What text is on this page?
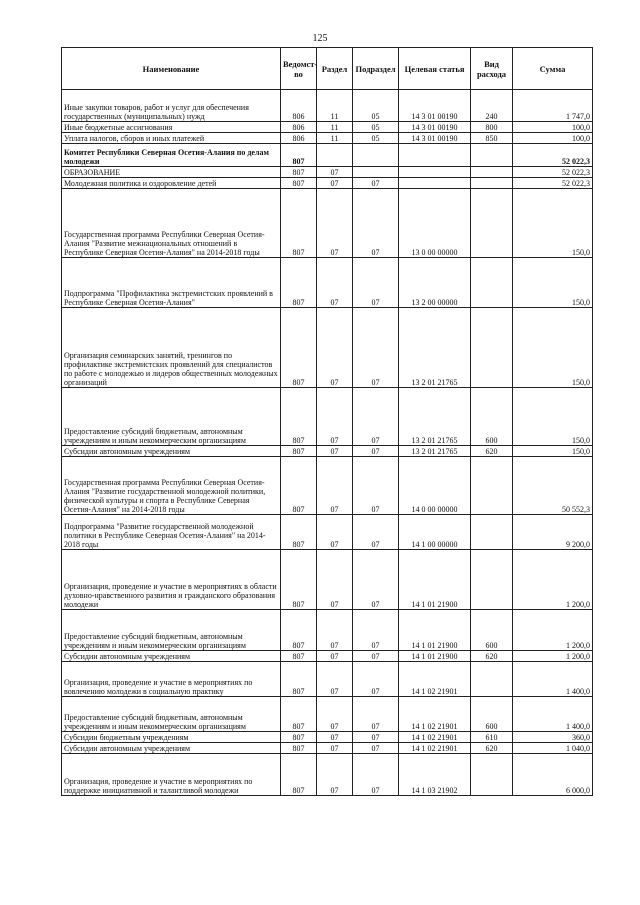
125
Наименование	Ведомст-во	Раздел	Подраздел	Целевая статья	Вид расхода	Сумма
Иные закупки товаров, работ и услуг для обеспечения государственных (муниципальных) нужд	806	11	05	14 3 01 00190	240	1 747,0
Иные бюджетные ассигнования	806	11	05	14 3 01 00190	800	100,0
Уплата налогов, сборов и иных платежей	806	11	05	14 3 01 00190	850	100,0
Комитет Республики Северная Осетия-Алания по делам молодежи	807					52 022,3
ОБРАЗОВАНИЕ	807	07				52 022,3
Молодежная политика и оздоровление детей	807	07	07			52 022,3
Государственная программа Республики Северная Осетия-Алания "Развитие межнациональных отношений в Республике Северная Осетия-Алания" на 2014-2018 годы	807	07	07	13 0 00 00000		150,0
Подпрограмма "Профилактика экстремистских проявлений в Республике Северная Осетия-Алания"	807	07	07	13 2 00 00000		150,0
Организация семинарских занятий, тренингов по профилактике экстремистских проявлений для специалистов по работе с молодежью и лидеров общественных молодежных организаций	807	07	07	13 2 01 21765		150,0
Предоставление субсидий бюджетным, автономным учреждениям и иным некоммерческим организациям	807	07	07	13 2 01 21765	600	150,0
Субсидии автономным учреждениям	807	07	07	13 2 01 21765	620	150,0
Государственная программа Республики Северная Осетия-Алания "Развитие государственной молодежной политики, физической культуры и спорта в Республике Северная Осетия-Алания" на 2014-2018 годы	807	07	07	14 0 00 00000		50 552,3
Подпрограмма "Развитие государственной молодежной политики в Республике Северная Осетия-Алания" на 2014-2018 годы	807	07	07	14 1 00 00000		9 200,0
Организация, проведение и участие в мероприятиях в области духовно-нравственного развития и гражданского образования молодежи	807	07	07	14 1 01 21900		1 200,0
Предоставление субсидий бюджетным, автономным учреждениям и иным некоммерческим организациям	807	07	07	14 1 01 21900	600	1 200,0
Субсидии автономным учреждениям	807	07	07	14 1 01 21900	620	1 200,0
Организация, проведение и участие в мероприятиях по вовлечению молодежи в социальную практику	807	07	07	14 1 02 21901		1 400,0
Предоставление субсидий бюджетным, автономным учреждениям и иным некоммерческим организациям	807	07	07	14 1 02 21901	600	1 400,0
Субсидии бюджетным учреждениям	807	07	07	14 1 02 21901	610	360,0
Субсидии автономным учреждениям	807	07	07	14 1 02 21901	620	1 040,0
Организация, проведение и участие в мероприятиях по поддержке инициативной и талантливой молодежи	807	07	07	14 1 03 21902		6 000,0
